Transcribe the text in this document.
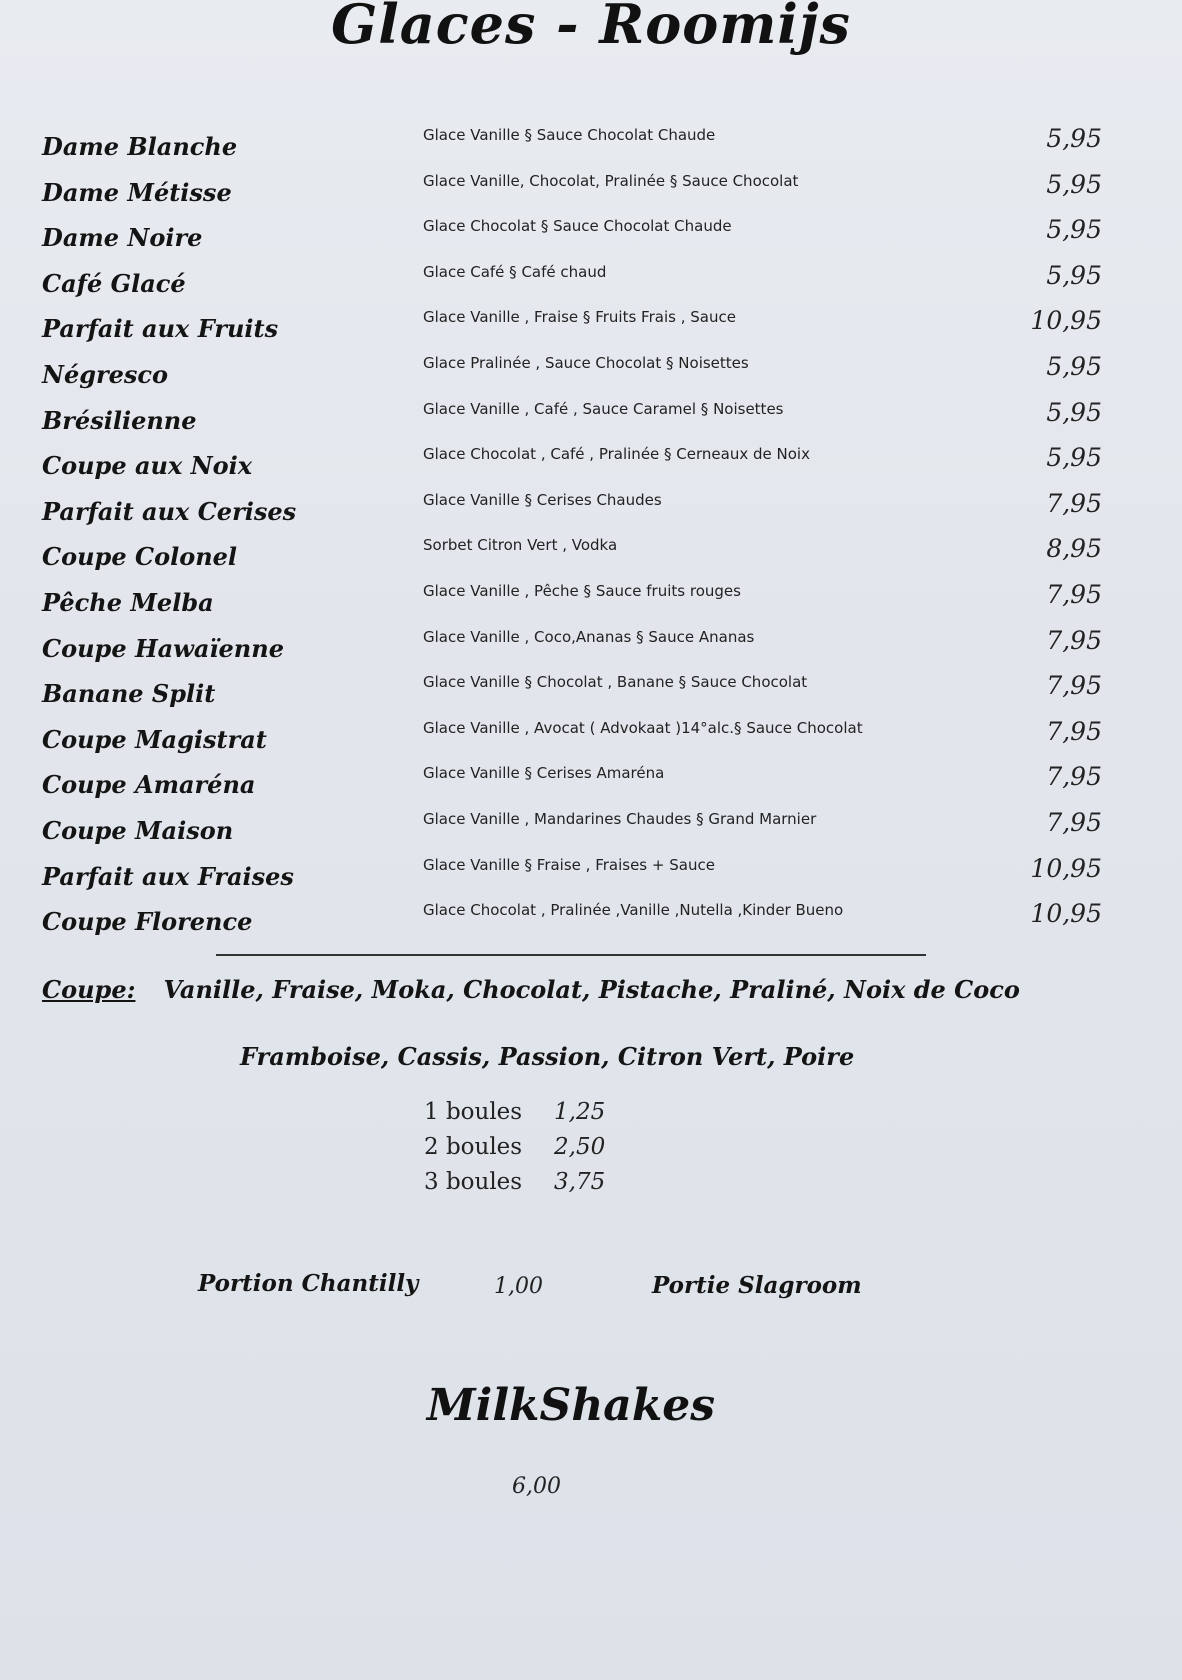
Glaces - Roomijs
Dame Blanche	Glace Vanille § Sauce Chocolat Chaude	5,95
Dame Métisse	Glace Vanille, Chocolat, Pralinée § Sauce Chocolat	5,95
Dame Noire	Glace Chocolat § Sauce Chocolat Chaude	5,95
Café Glacé	Glace Café § Café chaud	5,95
Parfait aux Fruits	Glace Vanille , Fraise § Fruits Frais , Sauce	10,95
Négresco	Glace Pralinée , Sauce Chocolat § Noisettes	5,95
Brésilienne	Glace Vanille , Café , Sauce Caramel § Noisettes	5,95
Coupe aux Noix	Glace Chocolat , Café , Pralinée § Cerneaux de Noix	5,95
Parfait aux Cerises	Glace Vanille § Cerises Chaudes	7,95
Coupe Colonel	Sorbet Citron Vert , Vodka	8,95
Pêche Melba	Glace Vanille , Pêche § Sauce fruits rouges	7,95
Coupe Hawaïenne	Glace Vanille , Coco,Ananas § Sauce Ananas	7,95
Banane Split	Glace Vanille § Chocolat , Banane § Sauce Chocolat	7,95
Coupe Magistrat	Glace Vanille , Avocat ( Advokaat )14°alc.§ Sauce Chocolat	7,95
Coupe Amaréna	Glace Vanille § Cerises Amaréna	7,95
Coupe Maison	Glace Vanille , Mandarines Chaudes § Grand Marnier	7,95
Parfait aux Fraises	Glace Vanille § Fraise , Fraises + Sauce	10,95
Coupe Florence	Glace Chocolat , Pralinée ,Vanille ,Nutella ,Kinder Bueno	10,95
Coupe: Vanille, Fraise, Moka, Chocolat, Pistache, Praliné, Noix de Coco
Framboise, Cassis, Passion, Citron Vert, Poire
1 boules 1,25
2 boules 2,50
3 boules 3,75
Portion Chantilly	1,00	Portie Slagroom
MilkShakes
6,00
